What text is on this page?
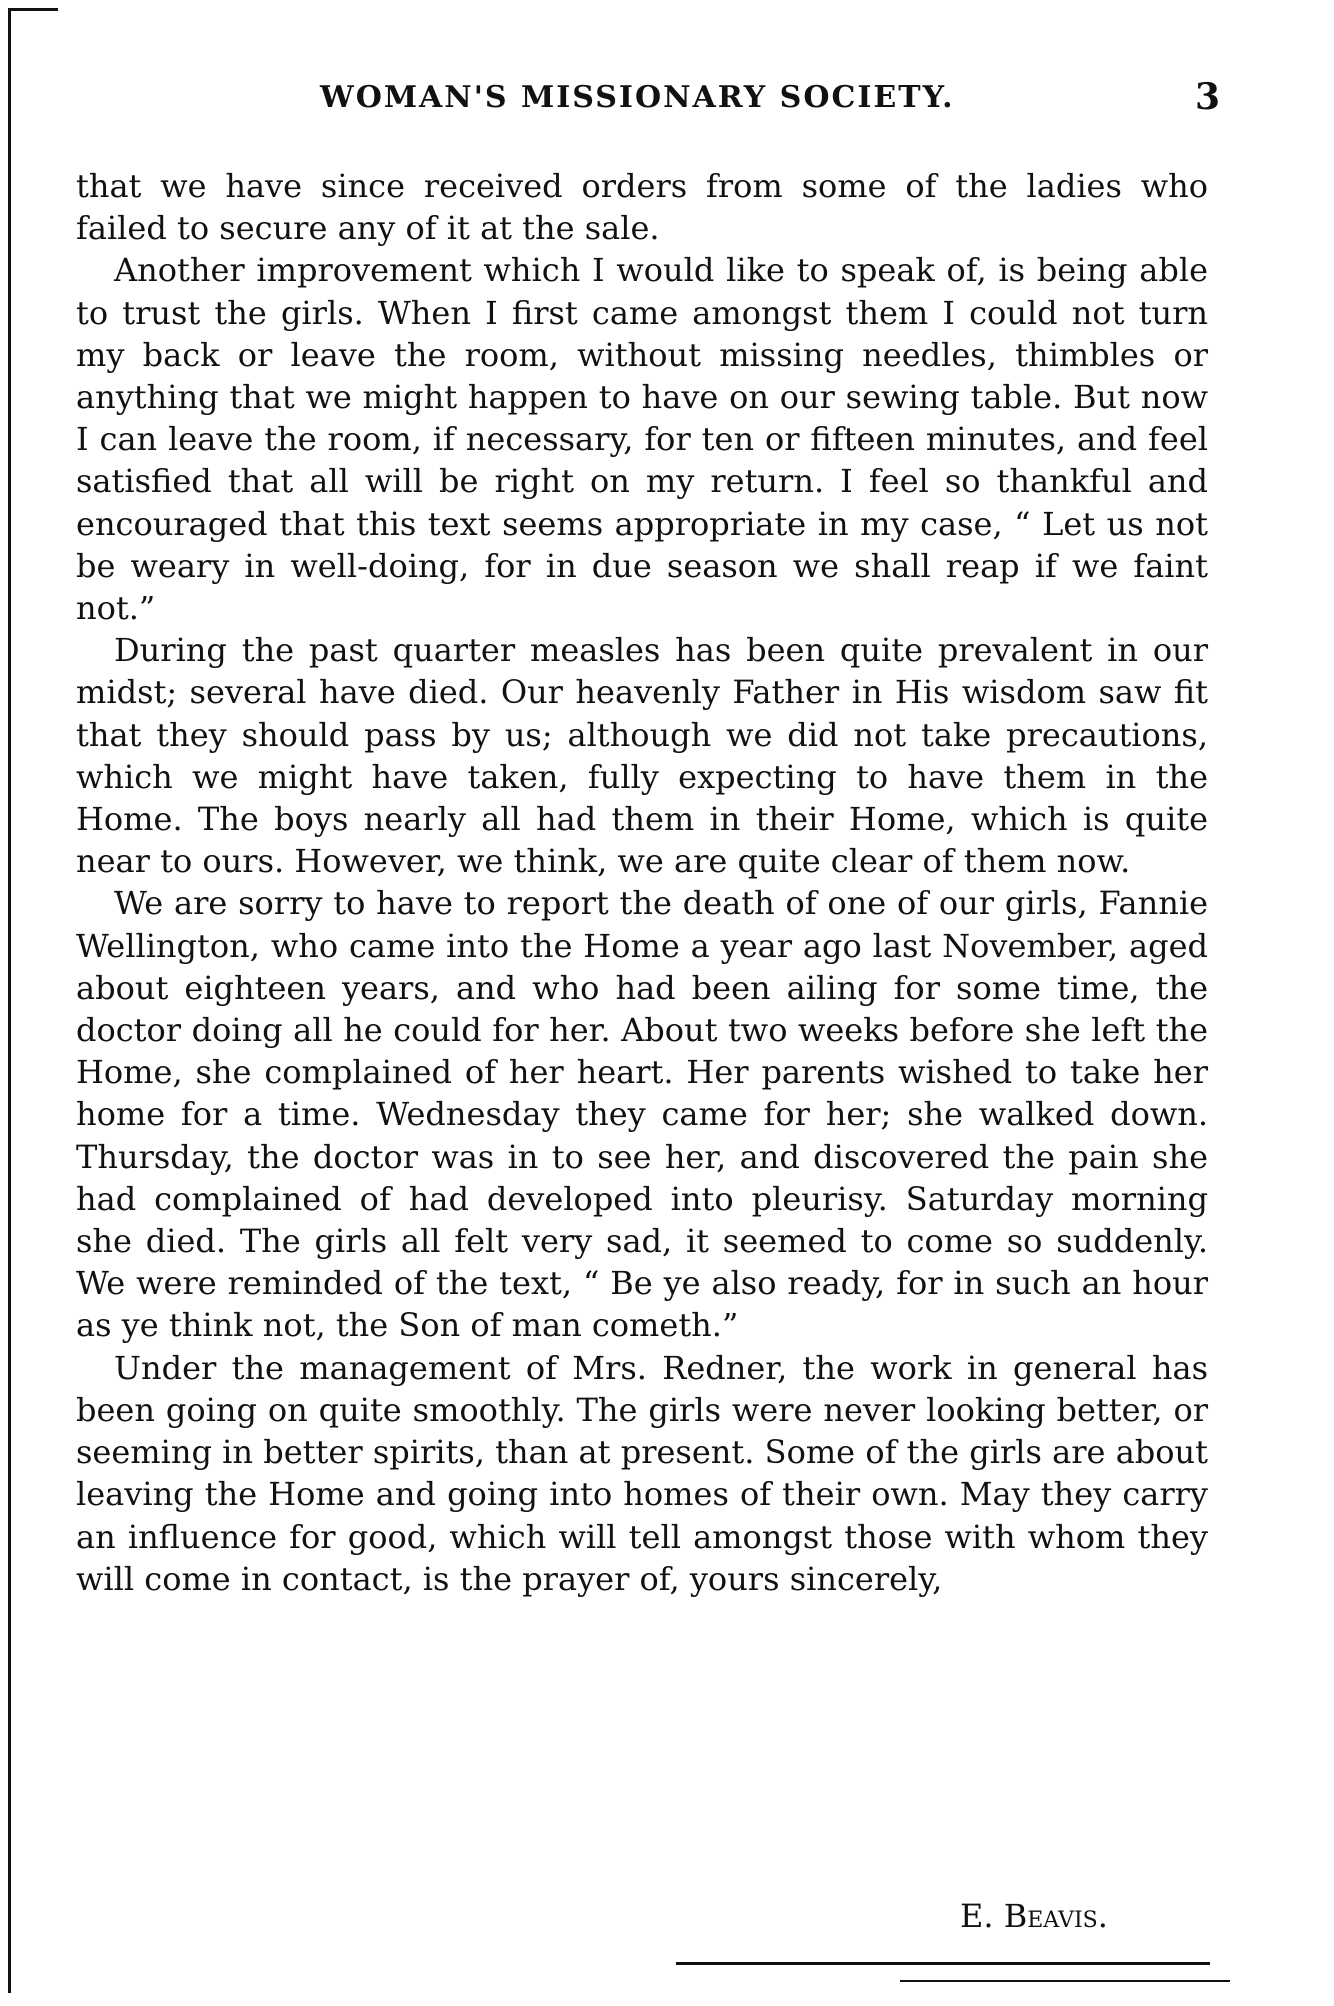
WOMAN'S MISSIONARY SOCIETY.	3

that we have since received orders from some of the ladies who failed to secure any of it at the sale.

Another improvement which I would like to speak of, is being able to trust the girls. When I first came amongst them I could not turn my back or leave the room, without missing needles, thimbles or anything that we might happen to have on our sewing table. But now I can leave the room, if necessary, for ten or fifteen minutes, and feel satisfied that all will be right on my return. I feel so thankful and encouraged that this text seems appropriate in my case, “ Let us not be weary in well-doing, for in due season we shall reap if we faint not.”

During the past quarter measles has been quite prevalent in our midst; several have died. Our heavenly Father in His wisdom saw fit that they should pass by us; although we did not take precautions, which we might have taken, fully expecting to have them in the Home. The boys nearly all had them in their Home, which is quite near to ours. However, we think, we are quite clear of them now.

We are sorry to have to report the death of one of our girls, Fannie Wellington, who came into the Home a year ago last November, aged about eighteen years, and who had been ailing for some time, the doctor doing all he could for her. About two weeks before she left the Home, she complained of her heart. Her parents wished to take her home for a time. Wednesday they came for her; she walked down. Thursday, the doctor was in to see her, and discovered the pain she had complained of had developed into pleurisy. Saturday morning she died. The girls all felt very sad, it seemed to come so suddenly. We were reminded of the text, “ Be ye also ready, for in such an hour as ye think not, the Son of man cometh.”

Under the management of Mrs. Redner, the work in general has been going on quite smoothly. The girls were never looking better, or seeming in better spirits, than at present. Some of the girls are about leaving the Home and going into homes of their own. May they carry an influence for good, which will tell amongst those with whom they will come in contact, is the prayer of, yours sincerely,

E. Beavis.
